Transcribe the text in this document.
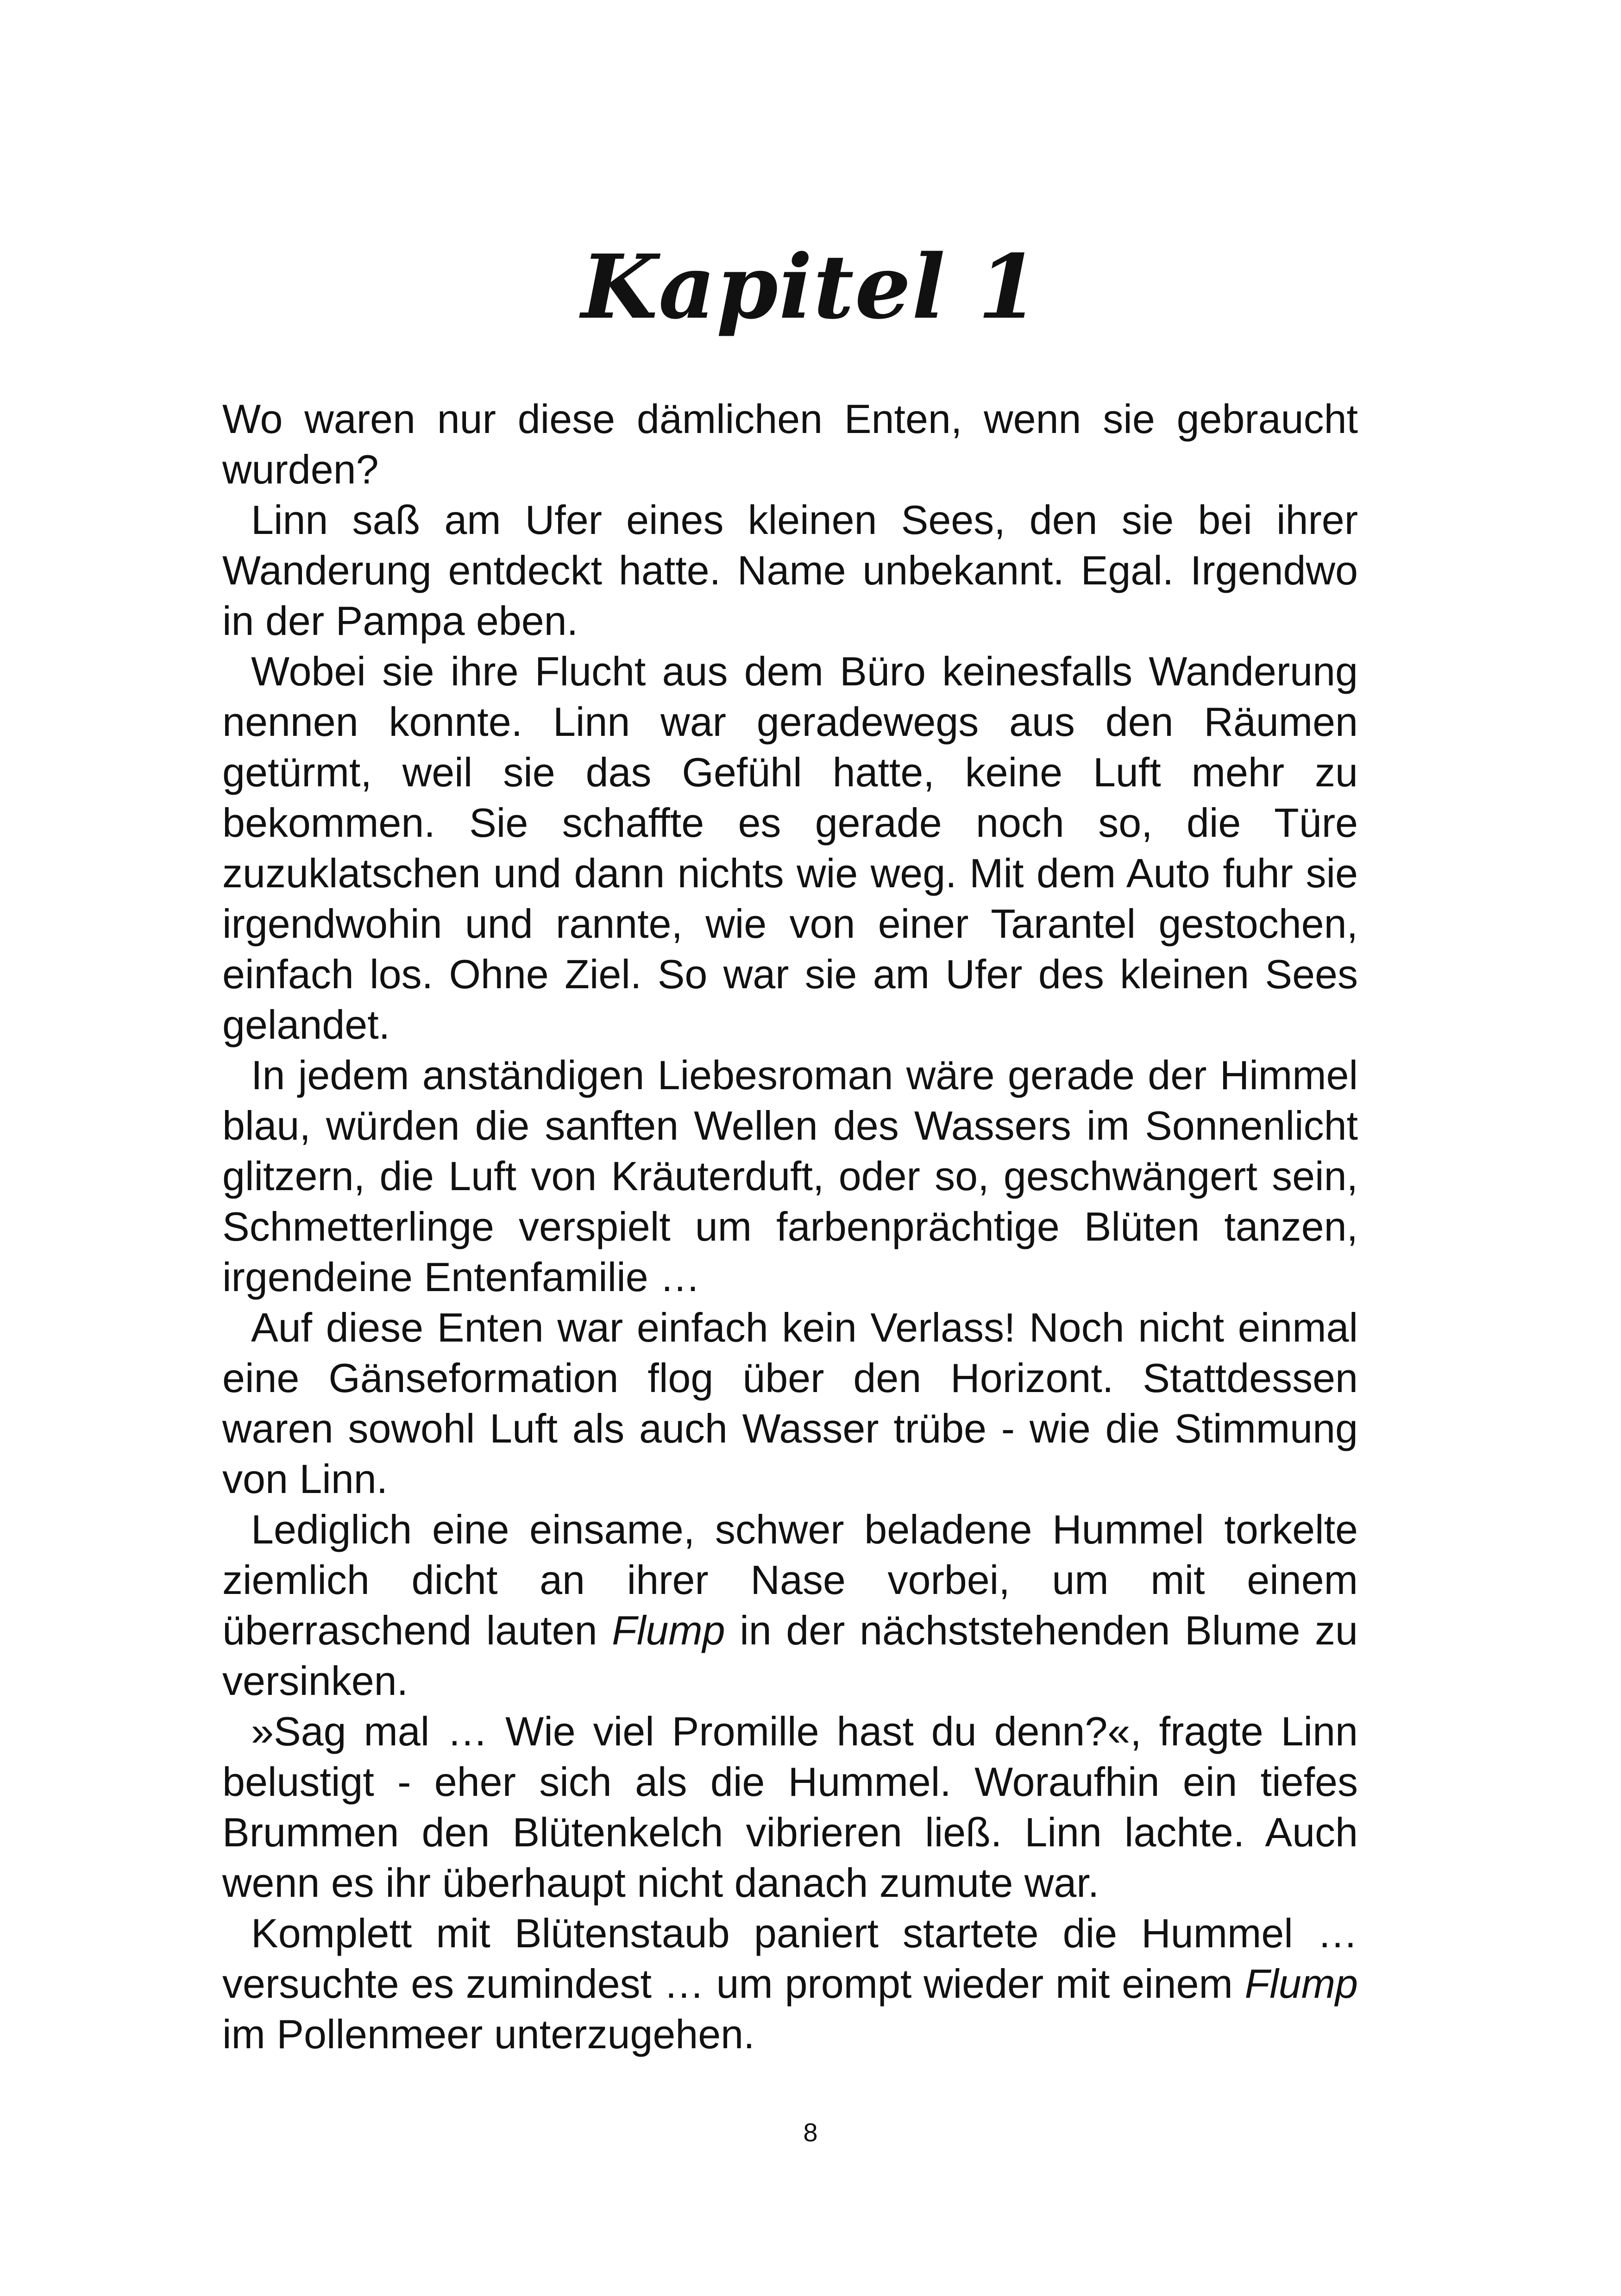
Kapitel 1

Wo waren nur diese dämlichen Enten, wenn sie gebraucht wurden?

Linn saß am Ufer eines kleinen Sees, den sie bei ihrer Wanderung entdeckt hatte. Name unbekannt. Egal. Irgendwo in der Pampa eben.

Wobei sie ihre Flucht aus dem Büro keinesfalls Wanderung nennen konnte. Linn war geradewegs aus den Räumen getürmt, weil sie das Gefühl hatte, keine Luft mehr zu bekommen. Sie schaffte es gerade noch so, die Türe zuzuklatschen und dann nichts wie weg. Mit dem Auto fuhr sie irgendwohin und rannte, wie von einer Tarantel gestochen, einfach los. Ohne Ziel. So war sie am Ufer des kleinen Sees gelandet.

In jedem anständigen Liebesroman wäre gerade der Himmel blau, würden die sanften Wellen des Wassers im Sonnenlicht glitzern, die Luft von Kräuterduft, oder so, geschwängert sein, Schmetterlinge verspielt um farbenprächtige Blüten tanzen, irgendeine Entenfamilie …

Auf diese Enten war einfach kein Verlass! Noch nicht einmal eine Gänseformation flog über den Horizont. Stattdessen waren sowohl Luft als auch Wasser trübe - wie die Stimmung von Linn.

Lediglich eine einsame, schwer beladene Hummel torkelte ziemlich dicht an ihrer Nase vorbei, um mit einem überraschend lauten Flump in der nächststehenden Blume zu versinken.

»Sag mal … Wie viel Promille hast du denn?«, fragte Linn belustigt - eher sich als die Hummel. Woraufhin ein tiefes Brummen den Blütenkelch vibrieren ließ. Linn lachte. Auch wenn es ihr überhaupt nicht danach zumute war.

Komplett mit Blütenstaub paniert startete die Hummel … versuchte es zumindest … um prompt wieder mit einem Flump im Pollenmeer unterzugehen.

8
